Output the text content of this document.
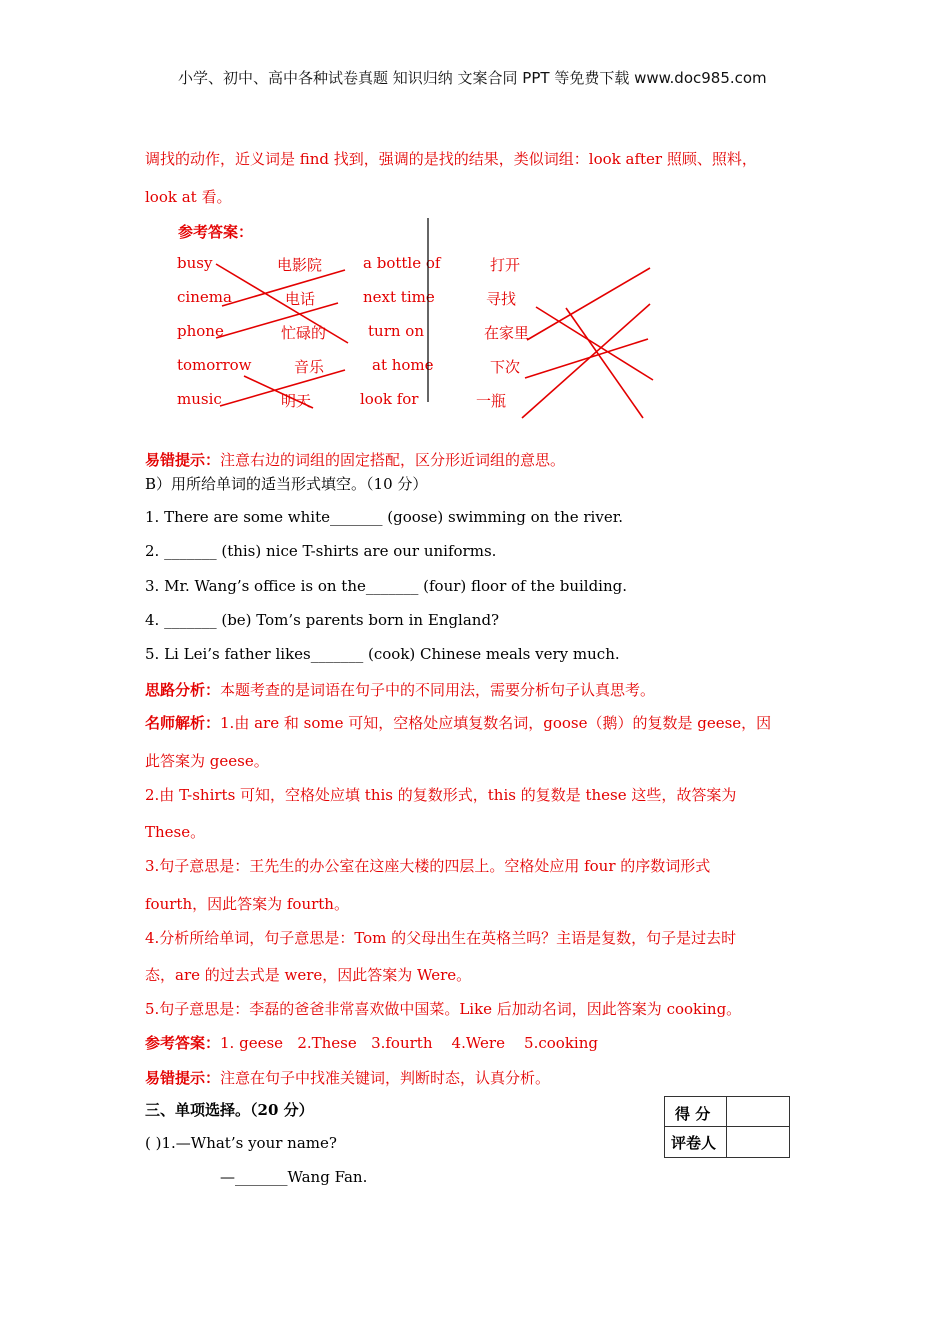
小学、初中、高中各种试卷真题 知识归纳 文案合同 PPT 等免费下载 www.doc985.com
调找的动作，近义词是 find 找到，强调的是找的结果，类似词组：look after 照顾、照料，
look at 看。
参考答案：
busy
cinema
phone
tomorrow
music
电影院
电话
忙碌的
音乐
明天
a bottle of
next time
turn on
at home
look for
打开
寻找
在家里
下次
一瓶
易错提示：注意右边的词组的固定搭配，区分形近词组的意思。
B）用所给单词的适当形式填空。（10 分）
1. There are some white_______ (goose) swimming on the river.
2. _______ (this) nice T-shirts are our uniforms.
3. Mr. Wang’s office is on the_______ (four) floor of the building.
4. _______ (be) Tom’s parents born in England?
5. Li Lei’s father likes_______ (cook) Chinese meals very much.
思路分析：本题考查的是词语在句子中的不同用法，需要分析句子认真思考。
名师解析：1.由 are 和 some 可知，空格处应填复数名词，goose（鹅）的复数是 geese，因
此答案为 geese。
2.由 T-shirts 可知，空格处应填 this 的复数形式，this 的复数是 these 这些，故答案为
These。
3.句子意思是：王先生的办公室在这座大楼的四层上。空格处应用 four 的序数词形式
fourth，因此答案为 fourth。
4.分析所给单词，句子意思是：Tom 的父母出生在英格兰吗？主语是复数，句子是过去时
态，are 的过去式是 were，因此答案为 Were。
5.句子意思是：李磊的爸爸非常喜欢做中国菜。Like 后加动名词，因此答案为 cooking。
参考答案：1. geese   2.These   3.fourth    4.Were    5.cooking
易错提示：注意在句子中找准关键词，判断时态，认真分析。
三、单项选择。（20 分）	得 分
评卷人
( )1.—What’s your name?
—_______Wang Fan.
